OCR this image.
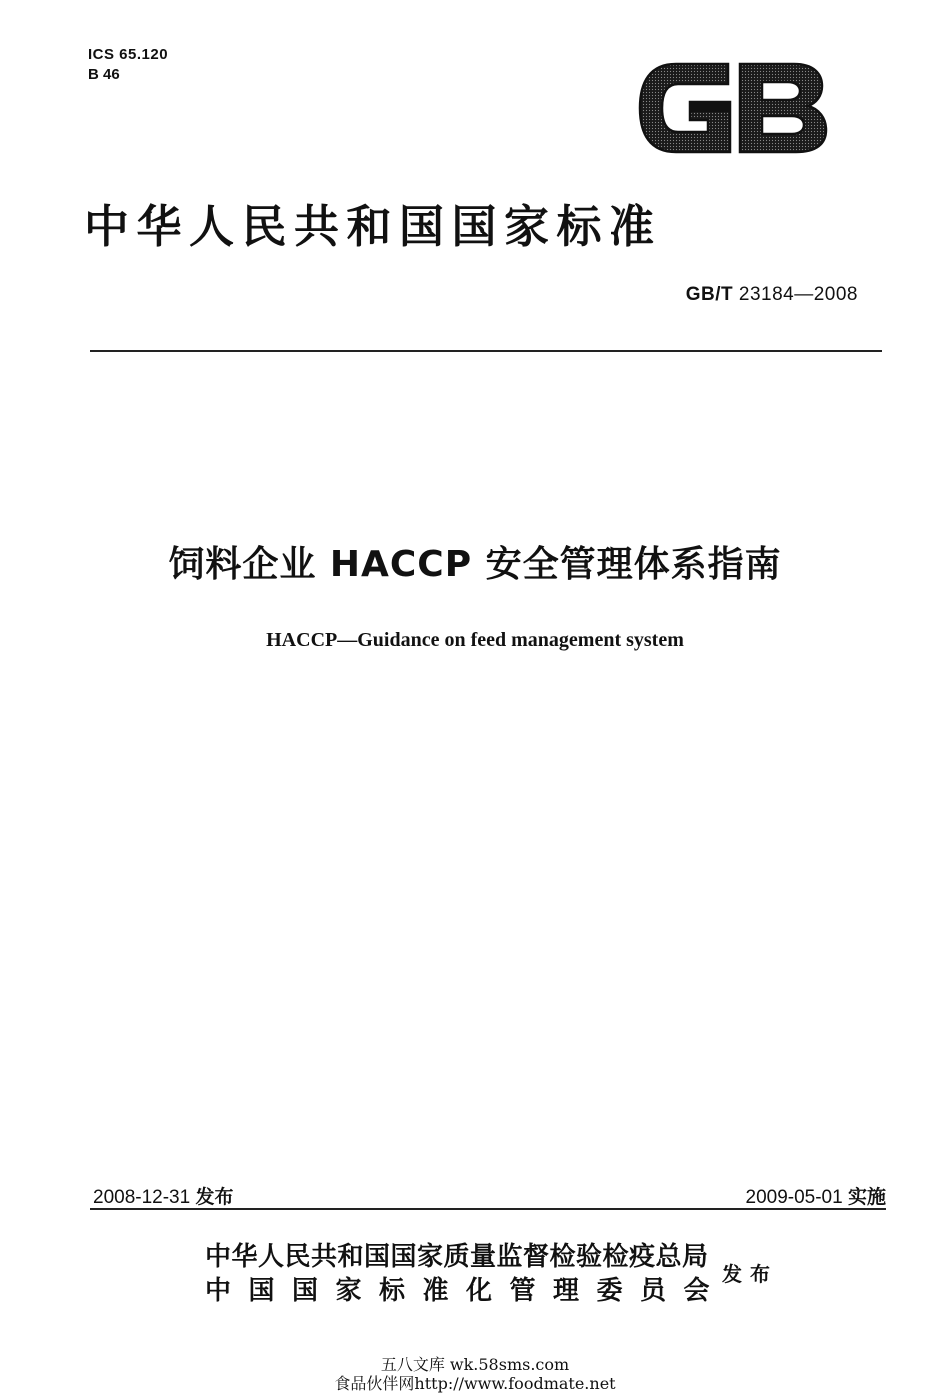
ICS 65.120
B 46
中华人民共和国国家标准
GB/T 23184—2008
饲料企业 HACCP 安全管理体系指南
HACCP—Guidance on feed management system
2008-12-31 发布	2009-05-01 实施
中华人民共和国国家质量监督检验检疫总局
中国国家标准化管理委员会
发布
五八文库 wk.58sms.com
食品伙伴网http://www.foodmate.net
